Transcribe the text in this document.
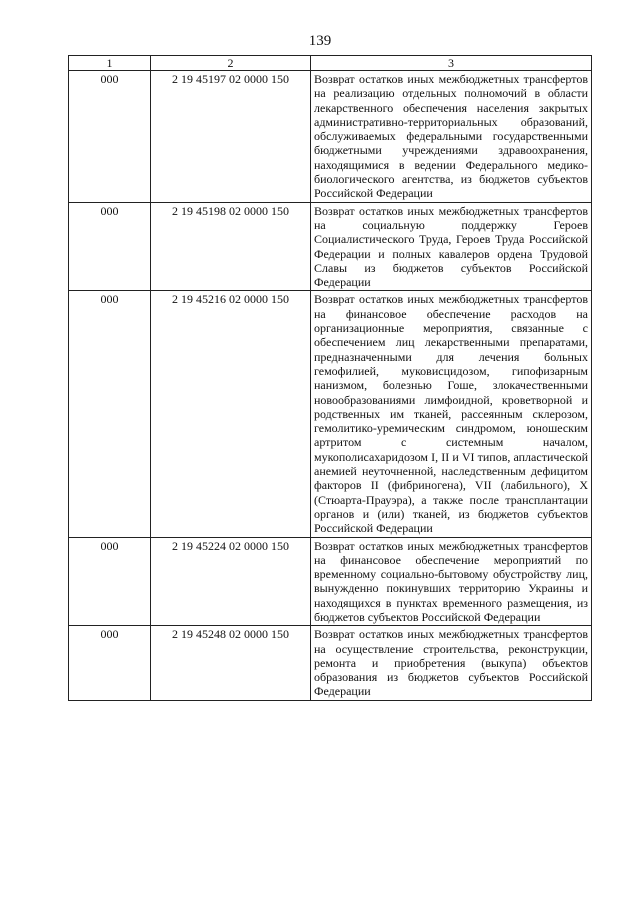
139
1	2	3
000	2 19 45197 02 0000 150	Возврат остатков иных межбюджетных трансфертов на реализацию отдельных полномочий в области лекарственного обеспечения населения закрытых административно-территориальных образований, обслуживаемых федеральными государственными бюджетными учреждениями здравоохранения, находящимися в ведении Федерального медико-биологического агентства, из бюджетов субъектов Российской Федерации
000	2 19 45198 02 0000 150	Возврат остатков иных межбюджетных трансфертов на социальную поддержку Героев Социалистического Труда, Героев Труда Российской Федерации и полных кавалеров ордена Трудовой Славы из бюджетов субъектов Российской Федерации
000	2 19 45216 02 0000 150	Возврат остатков иных межбюджетных трансфертов на финансовое обеспечение расходов на организационные мероприятия, связанные с обеспечением лиц лекарственными препаратами, предназначенными для лечения больных гемофилией, муковисцидозом, гипофизарным нанизмом, болезнью Гоше, злокачественными новообразованиями лимфоидной, кроветворной и родственных им тканей, рассеянным склерозом, гемолитико-уремическим синдромом, юношеским артритом с системным началом, мукополисахаридозом I, II и VI типов, апластической анемией неуточненной, наследственным дефицитом факторов II (фибриногена), VII (лабильного), X (Стюарта-Прауэра), а также после трансплантации органов и (или) тканей, из бюджетов субъектов Российской Федерации
000	2 19 45224 02 0000 150	Возврат остатков иных межбюджетных трансфертов на финансовое обеспечение мероприятий по временному социально-бытовому обустройству лиц, вынужденно покинувших территорию Украины и находящихся в пунктах временного размещения, из бюджетов субъектов Российской Федерации
000	2 19 45248 02 0000 150	Возврат остатков иных межбюджетных трансфертов на осуществление строительства, реконструкции, ремонта и приобретения (выкупа) объектов образования из бюджетов субъектов Российской Федерации
